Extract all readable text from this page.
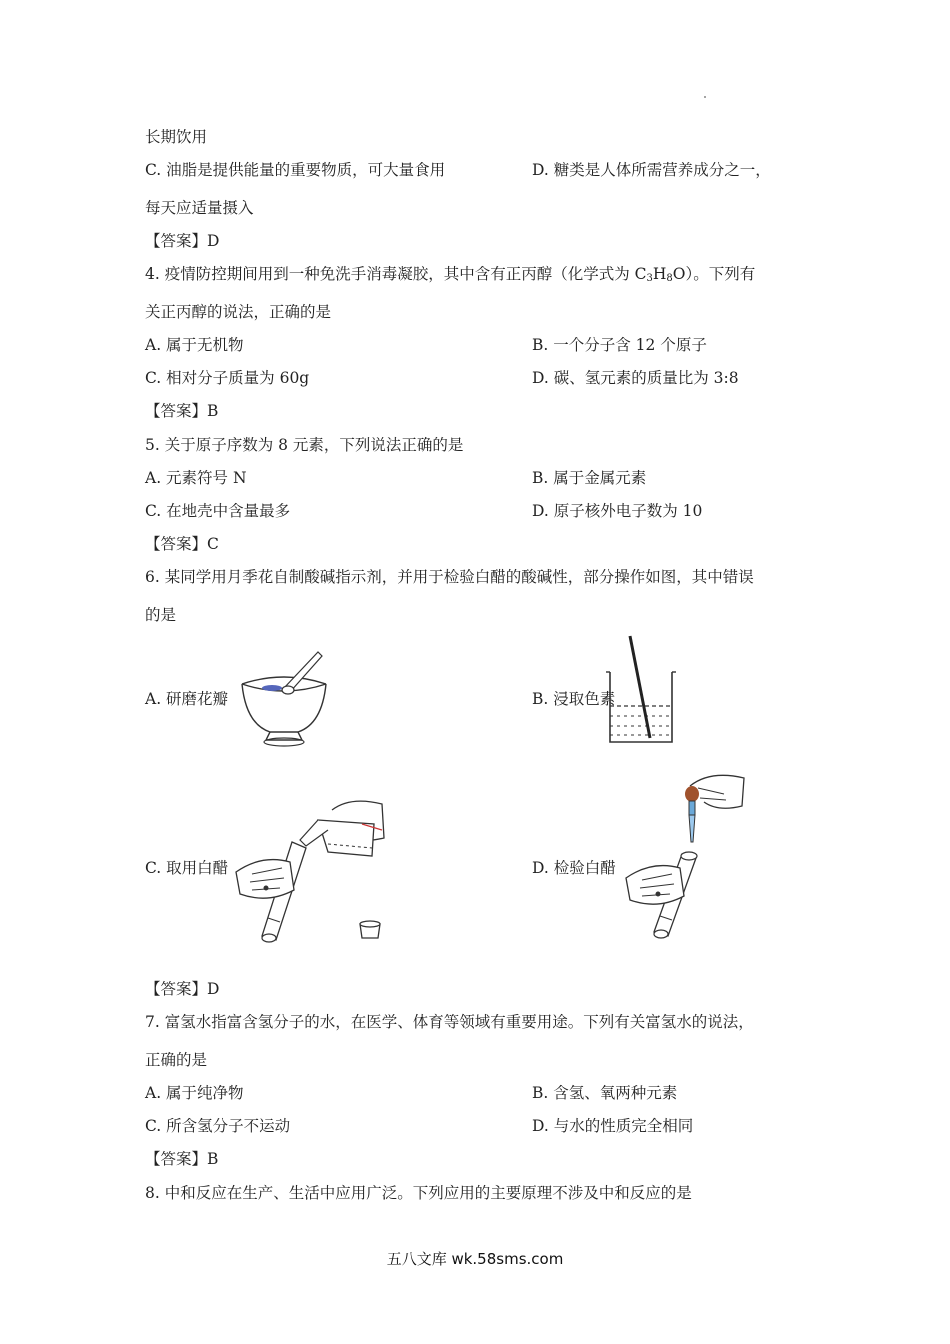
长期饮用
C. 油脂是提供能量的重要物质，可大量食用	D. 糖类是人体所需营养成分之一，
每天应适量摄入
【答案】D
4. 疫情防控期间用到一种免洗手消毒凝胶，其中含有正丙醇（化学式为 $C_3H_8O$）。下列有
关正丙醇的说法，正确的是
A. 属于无机物	B. 一个分子含 12 个原子
C. 相对分子质量为 60g	D. 碳、氢元素的质量比为 3:8
【答案】B
5. 关于原子序数为 8 元素，下列说法正确的是
A. 元素符号 N	B. 属于金属元素
C. 在地壳中含量最多	D. 原子核外电子数为 10
【答案】C
6. 某同学用月季花自制酸碱指示剂，并用于检验白醋的酸碱性，部分操作如图，其中错误
的是
A. 研磨花瓣	B. 浸取色素
C. 取用白醋	D. 检验白醋
【答案】D
7. 富氢水指富含氢分子的水，在医学、体育等领域有重要用途。下列有关富氢水的说法，
正确的是
A. 属于纯净物	B. 含氢、氧两种元素
C. 所含氢分子不运动	D. 与水的性质完全相同
【答案】B
8. 中和反应在生产、生活中应用广泛。下列应用的主要原理不涉及中和反应的是
五八文库 wk.58sms.com
